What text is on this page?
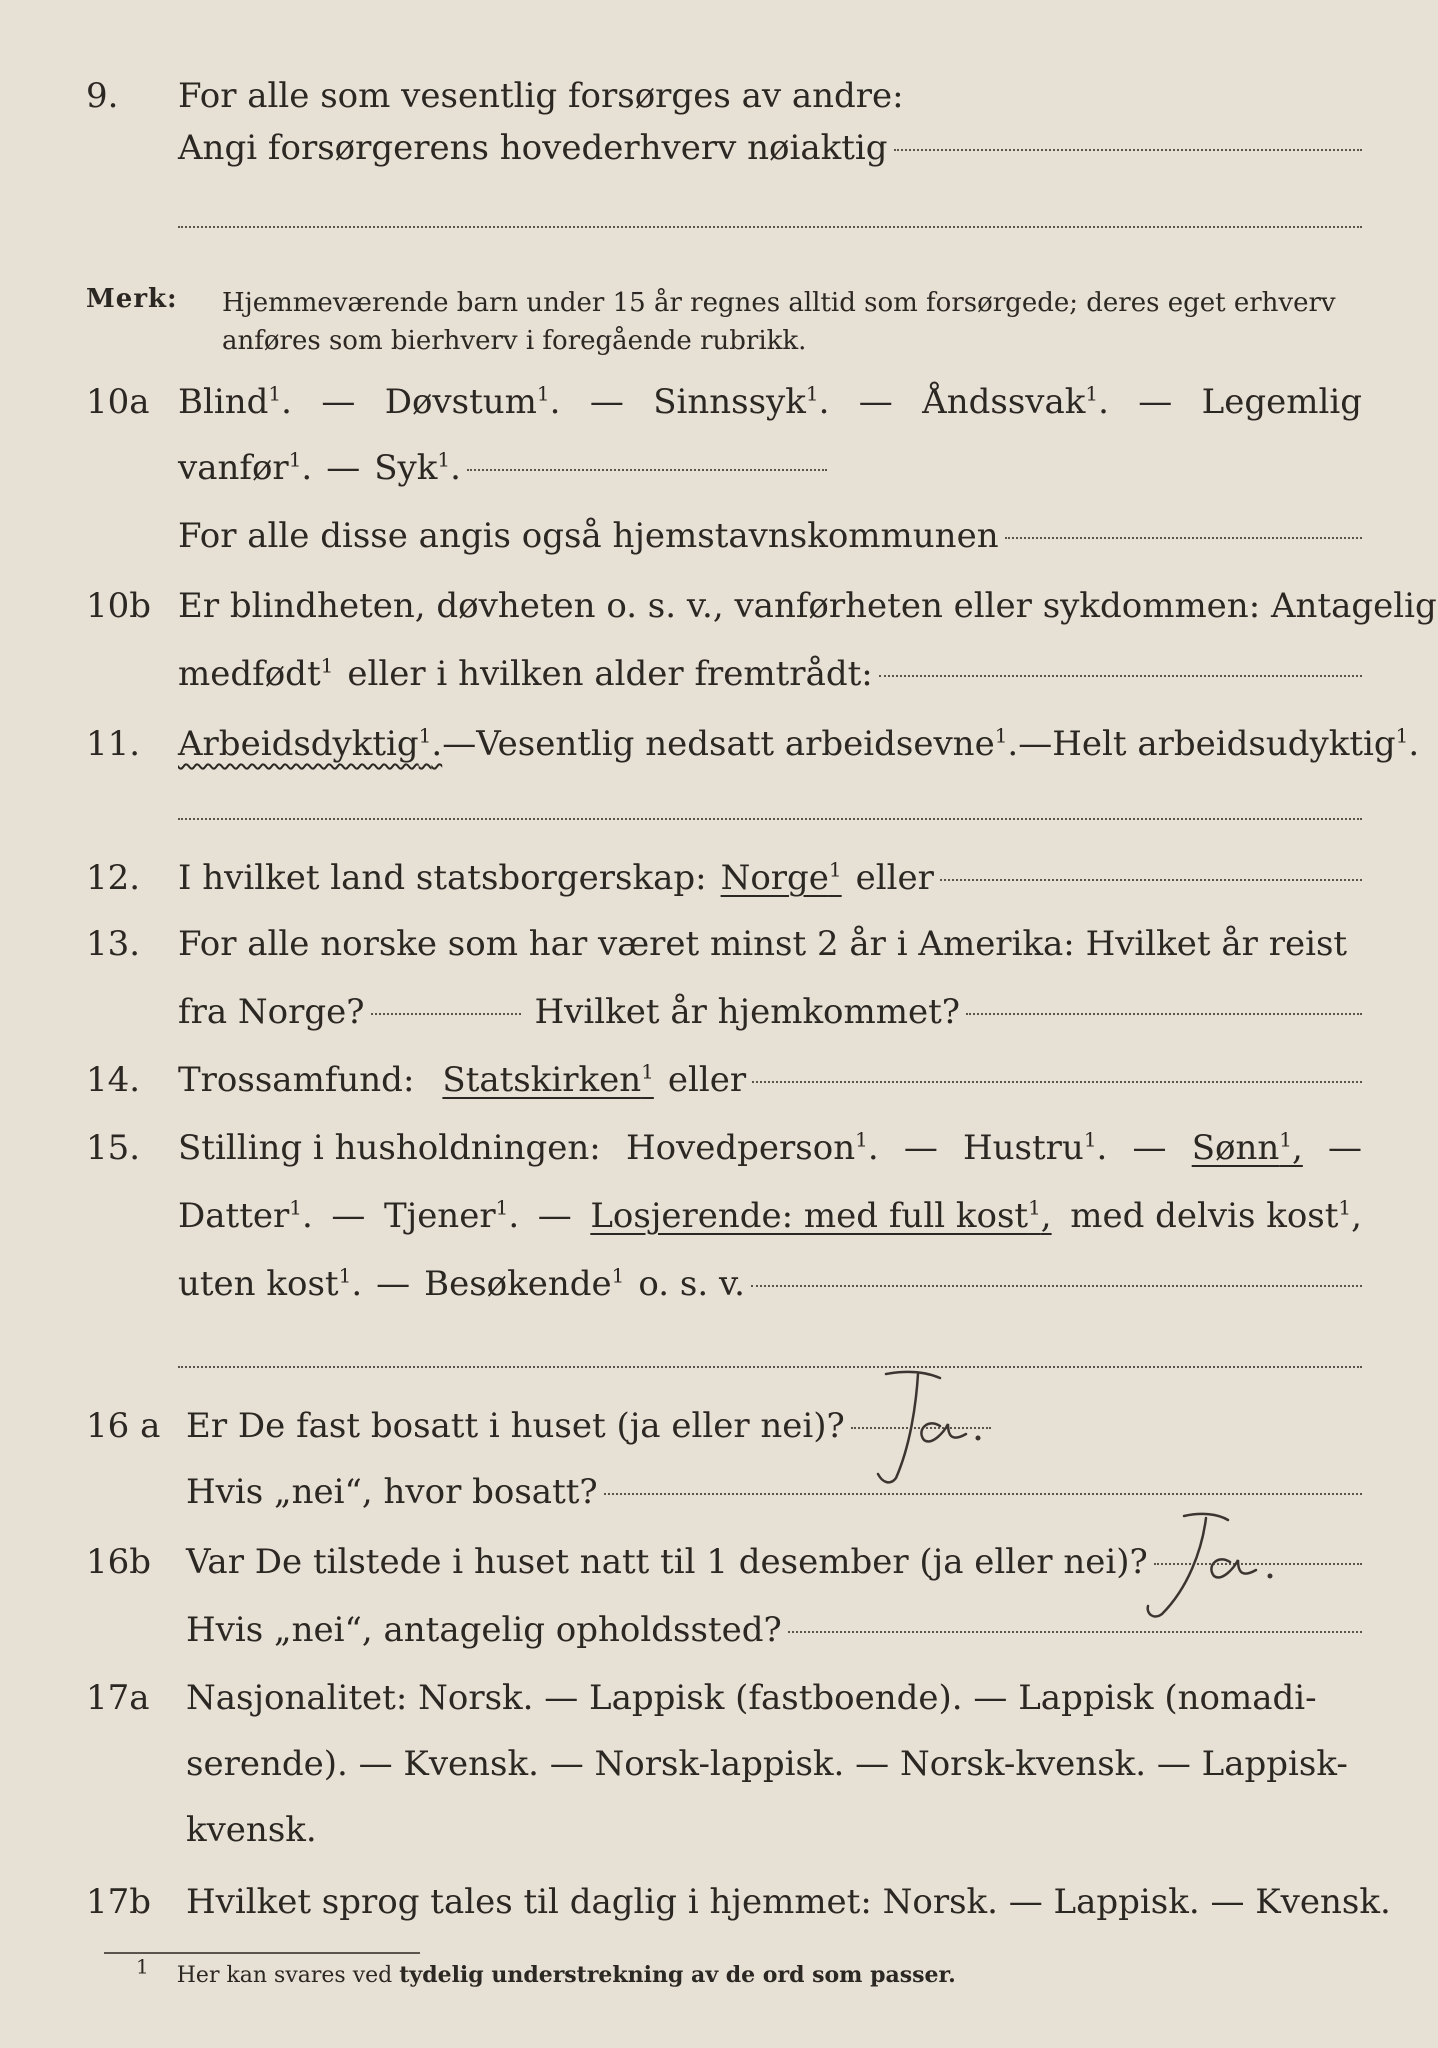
9.	For alle som vesentlig forsørges av andre:
Angi forsørgerens hovederhverv nøiaktig
Merk: Hjemmeværende barn under 15 år regnes alltid som forsørgede; deres eget erhverv anføres som bierhverv i foregående rubrikk.
10a Blind$^1$. — Døvstum$^1$. — Sinnssyk$^1$. — Åndssvak$^1$. — Legemlig
vanfør$^1$. — Syk$^1$.
For alle disse angis også hjemstavnskommunen
10b Er blindheten, døvheten o. s. v., vanførheten eller sykdommen: Antagelig
medfødt$^1$ eller i hvilken alder fremtrådt:
11.	Arbeidsdyktig$^1$. — Vesentlig nedsatt arbeidsevne$^1$. — Helt arbeidsudyktig$^1$.
12.	I hvilket land statsborgerskap: Norge$^1$ eller
13.	For alle norske som har været minst 2 år i Amerika: Hvilket år reist
fra Norge?	Hvilket år hjemkommet?
14.	Trossamfund: Statskirken$^1$ eller
15.	Stilling i husholdningen: Hovedperson$^1$. — Hustru$^1$. — Sønn$^1$, —
Datter$^1$. — Tjener$^1$. — Losjerende: med full kost$^1$, med delvis kost$^1$,
uten kost$^1$. — Besøkende$^1$ o. s. v.
16 a Er De fast bosatt i huset (ja eller nei)?
Hvis „nei“, hvor bosatt?
16b	Var De tilstede i huset natt til 1 desember (ja eller nei)?
Hvis „nei“, antagelig opholdssted?
17a	Nasjonalitet: Norsk. — Lappisk (fastboende). — Lappisk (nomadi-
serende). — Kvensk. — Norsk-lappisk. — Norsk-kvensk. — Lappisk-
kvensk.
17b	Hvilket sprog tales til daglig i hjemmet: Norsk. — Lappisk. — Kvensk.
1 Her kan svares ved tydelig understrekning av de ord som passer.
